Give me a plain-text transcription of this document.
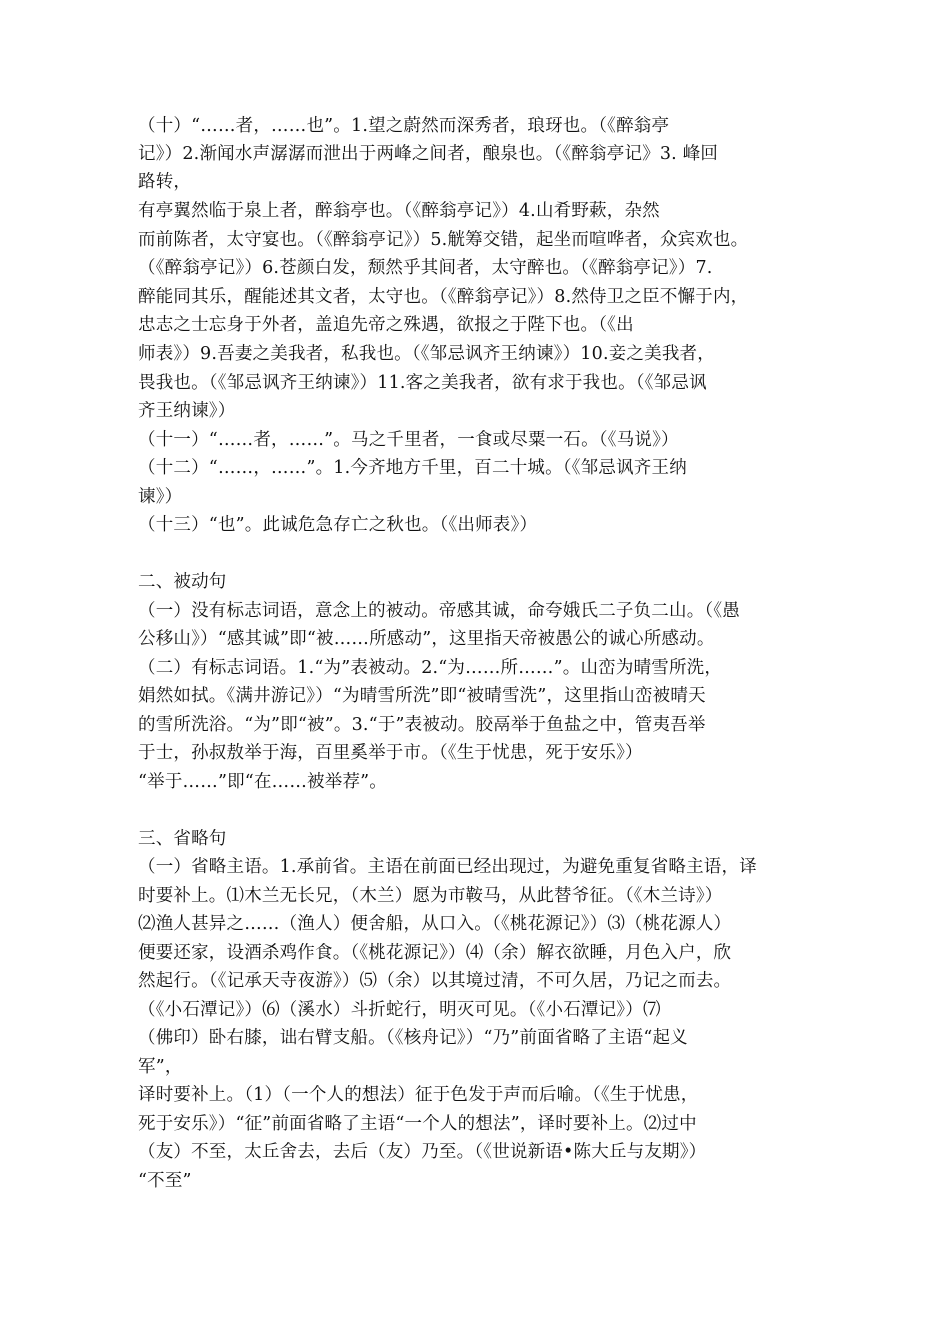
（十）“……者，……也”。1.望之蔚然而深秀者，琅玡也。（《醉翁亭
记》）2.渐闻水声潺潺而泄出于两峰之间者，酿泉也。（《醉翁亭记》3. 峰回
路转，
有亭翼然临于泉上者，醉翁亭也。（《醉翁亭记》）4.山肴野蔌，杂然
而前陈者，太守宴也。（《醉翁亭记》）5.觥筹交错，起坐而喧哗者，众宾欢也。
（《醉翁亭记》）6.苍颜白发，颓然乎其间者，太守醉也。（《醉翁亭记》）7.
醉能同其乐，醒能述其文者，太守也。（《醉翁亭记》）8.然侍卫之臣不懈于内，
忠志之士忘身于外者，盖追先帝之殊遇，欲报之于陛下也。（《出
师表》）9.吾妻之美我者，私我也。（《邹忌讽齐王纳谏》）10.妾之美我者，
畏我也。（《邹忌讽齐王纳谏》）11.客之美我者，欲有求于我也。（《邹忌讽
齐王纳谏》）
（十一）“……者，……”。马之千里者，一食或尽粟一石。（《马说》）
（十二）“……，……”。1.今齐地方千里，百二十城。（《邹忌讽齐王纳
谏》）
（十三）“也”。此诚危急存亡之秋也。（《出师表》）
二、被动句
（一）没有标志词语，意念上的被动。帝感其诚，命夸娥氏二子负二山。（《愚
公移山》）“感其诚”即“被……所感动”，这里指天帝被愚公的诚心所感动。
（二）有标志词语。1.“为”表被动。2.“为……所……”。山峦为晴雪所洗，
娟然如拭。《满井游记》）“为晴雪所洗”即“被晴雪洗”，这里指山峦被晴天
的雪所洗浴。“为”即“被”。3.“于”表被动。胶鬲举于鱼盐之中，管夷吾举
于士，孙叔敖举于海，百里奚举于市。（《生于忧患，死于安乐》）
“举于……”即“在……被举荐”。
三、省略句
（一）省略主语。1.承前省。主语在前面已经出现过，为避免重复省略主语，译
时要补上。⑴木兰无长兄，（木兰）愿为市鞍马，从此替爷征。（《木兰诗》）
⑵渔人甚异之……（渔人）便舍船，从口入。（《桃花源记》）⑶（桃花源人）
便要还家，设酒杀鸡作食。（《桃花源记》）⑷（余）解衣欲睡，月色入户，欣
然起行。（《记承天寺夜游》）⑸（余）以其境过清，不可久居，乃记之而去。
（《小石潭记》）⑹（溪水）斗折蛇行，明灭可见。（《小石潭记》）⑺
（佛印）卧右膝，诎右臂支船。（《核舟记》）“乃”前面省略了主语“起义
军”，
译时要补上。（1）（一个人的想法）征于色发于声而后喻。（《生于忧患，
死于安乐》）“征”前面省略了主语“一个人的想法”，译时要补上。⑵过中
（友）不至，太丘舍去，去后（友）乃至。（《世说新语•陈大丘与友期》）
“不至”
